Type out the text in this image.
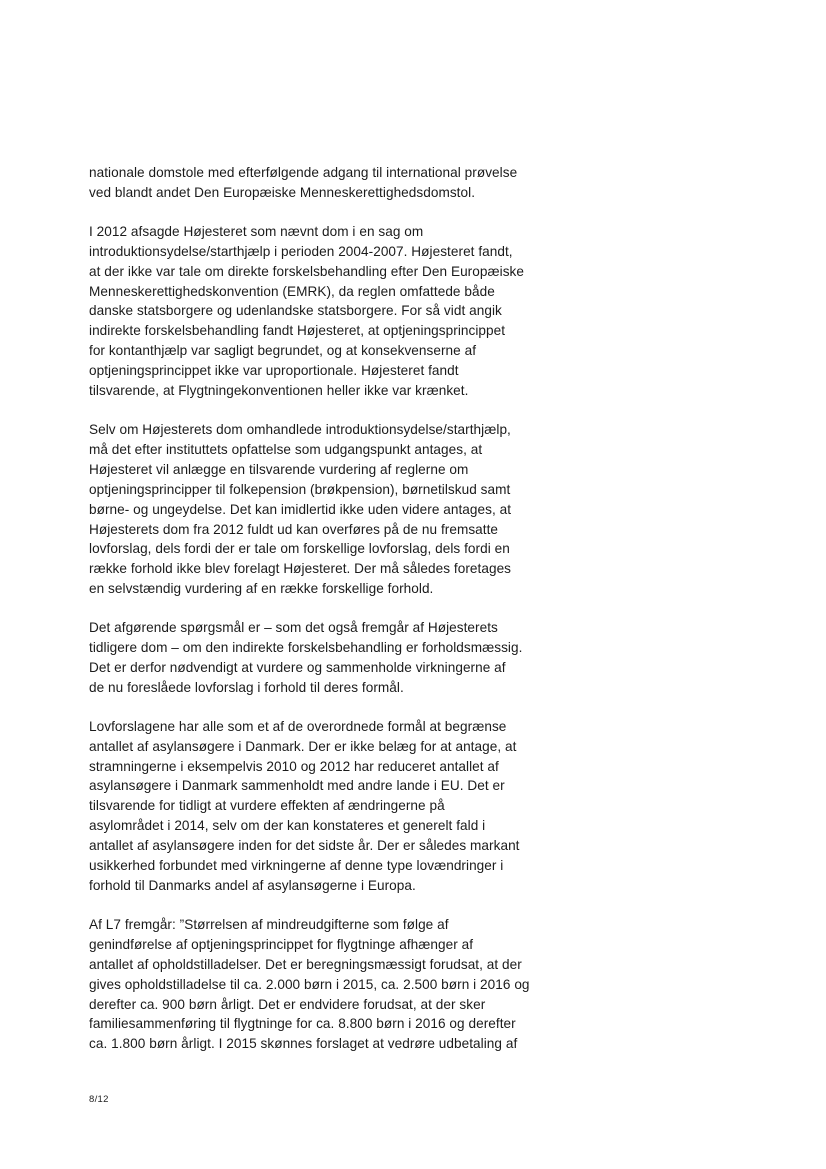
nationale domstole med efterfølgende adgang til international prøvelse
ved blandt andet Den Europæiske Menneskerettighedsdomstol.

I 2012 afsagde Højesteret som nævnt dom i en sag om
introduktionsydelse/starthjælp i perioden 2004-2007. Højesteret fandt,
at der ikke var tale om direkte forskelsbehandling efter Den Europæiske
Menneskerettighedskonvention (EMRK), da reglen omfattede både
danske statsborgere og udenlandske statsborgere. For så vidt angik
indirekte forskelsbehandling fandt Højesteret, at optjeningsprincippet
for kontanthjælp var sagligt begrundet, og at konsekvenserne af
optjeningsprincippet ikke var uproportionale. Højesteret fandt
tilsvarende, at Flygtningekonventionen heller ikke var krænket.

Selv om Højesterets dom omhandlede introduktionsydelse/starthjælp,
må det efter instituttets opfattelse som udgangspunkt antages, at
Højesteret vil anlægge en tilsvarende vurdering af reglerne om
optjeningsprincipper til folkepension (brøkpension), børnetilskud samt
børne- og ungeydelse. Det kan imidlertid ikke uden videre antages, at
Højesterets dom fra 2012 fuldt ud kan overføres på de nu fremsatte
lovforslag, dels fordi der er tale om forskellige lovforslag, dels fordi en
række forhold ikke blev forelagt Højesteret. Der må således foretages
en selvstændig vurdering af en række forskellige forhold.

Det afgørende spørgsmål er – som det også fremgår af Højesterets
tidligere dom – om den indirekte forskelsbehandling er forholdsmæssig.
Det er derfor nødvendigt at vurdere og sammenholde virkningerne af
de nu foreslåede lovforslag i forhold til deres formål.

Lovforslagene har alle som et af de overordnede formål at begrænse
antallet af asylansøgere i Danmark. Der er ikke belæg for at antage, at
stramningerne i eksempelvis 2010 og 2012 har reduceret antallet af
asylansøgere i Danmark sammenholdt med andre lande i EU. Det er
tilsvarende for tidligt at vurdere effekten af ændringerne på
asylområdet i 2014, selv om der kan konstateres et generelt fald i
antallet af asylansøgere inden for det sidste år. Der er således markant
usikkerhed forbundet med virkningerne af denne type lovændringer i
forhold til Danmarks andel af asylansøgerne i Europa.

Af L7 fremgår: ”Størrelsen af mindreudgifterne som følge af
genindførelse af optjeningsprincippet for flygtninge afhænger af
antallet af opholdstilladelser. Det er beregningsmæssigt forudsat, at der
gives opholdstilladelse til ca. 2.000 børn i 2015, ca. 2.500 børn i 2016 og
derefter ca. 900 børn årligt. Det er endvidere forudsat, at der sker
familiesammenføring til flygtninge for ca. 8.800 børn i 2016 og derefter
ca. 1.800 børn årligt. I 2015 skønnes forslaget at vedrøre udbetaling af

8/12
